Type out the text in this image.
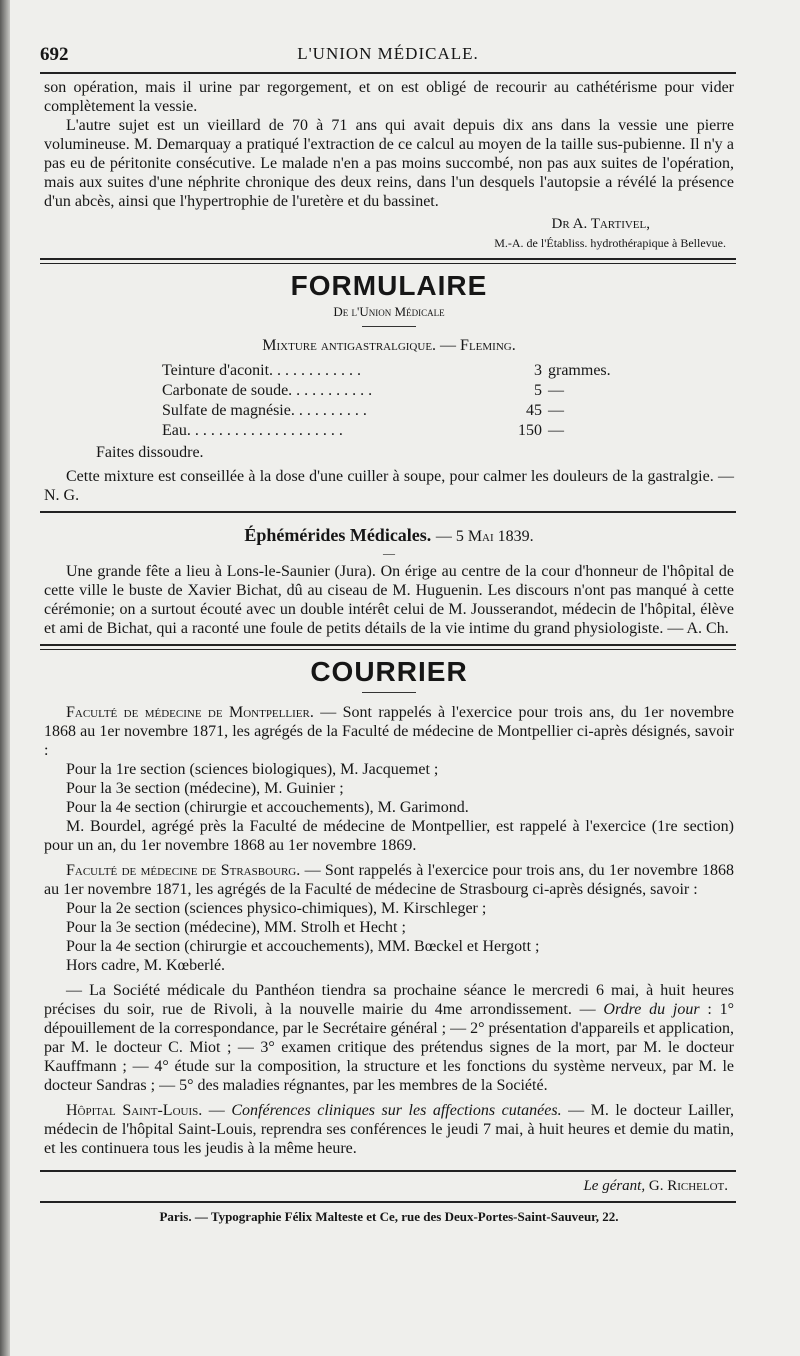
692	L'UNION MÉDICALE.

son opération, mais il urine par regorgement, et on est obligé de recourir au cathétérisme pour vider complètement la vessie.

L'autre sujet est un vieillard de 70 à 71 ans qui avait depuis dix ans dans la vessie une pierre volumineuse. M. Demarquay a pratiqué l'extraction de ce calcul au moyen de la taille sus-pubienne. Il n'y a pas eu de péritonite consécutive. Le malade n'en a pas moins succombé, non pas aux suites de l'opération, mais aux suites d'une néphrite chronique des deux reins, dans l'un desquels l'autopsie a révélé la présence d'un abcès, ainsi que l'hypertrophie de l'uretère et du bassinet.

Dr A. Tartivel,
M.-A. de l'Établiss. hydrothérapique à Bellevue.
FORMULAIRE
De l'Union Médicale
Mixture antigastralgique. — Fleming.
Teinture d'aconit. . . . . . . . . . . .	3 grammes.
Carbonate de soude. . . . . . . . . . .	5 —
Sulfate de magnésie. . . . . . . . . .	45 —
Eau. . . . . . . . . . . . . . . . . . . .	150 —
Faites dissoudre.

Cette mixture est conseillée à la dose d'une cuiller à soupe, pour calmer les douleurs de la gastralgie. — N. G.

Éphémérides Médicales. — 5 Mai 1839.
—

Une grande fête a lieu à Lons-le-Saunier (Jura). On érige au centre de la cour d'honneur de l'hôpital de cette ville le buste de Xavier Bichat, dû au ciseau de M. Huguenin. Les discours n'ont pas manqué à cette cérémonie; on a surtout écouté avec un double intérêt celui de M. Jousserandot, médecin de l'hôpital, élève et ami de Bichat, qui a raconté une foule de petits détails de la vie intime du grand physiologiste. — A. Ch.

COURRIER

Faculté de médecine de Montpellier. — Sont rappelés à l'exercice pour trois ans, du 1er novembre 1868 au 1er novembre 1871, les agrégés de la Faculté de médecine de Montpellier ci-après désignés, savoir :

Pour la 1re section (sciences biologiques), M. Jacquemet ;

Pour la 3e section (médecine), M. Guinier ;

Pour la 4e section (chirurgie et accouchements), M. Garimond.

M. Bourdel, agrégé près la Faculté de médecine de Montpellier, est rappelé à l'exercice (1re section) pour un an, du 1er novembre 1868 au 1er novembre 1869.

Faculté de médecine de Strasbourg. — Sont rappelés à l'exercice pour trois ans, du 1er novembre 1868 au 1er novembre 1871, les agrégés de la Faculté de médecine de Strasbourg ci-après désignés, savoir :

Pour la 2e section (sciences physico-chimiques), M. Kirschleger ;

Pour la 3e section (médecine), MM. Strolh et Hecht ;

Pour la 4e section (chirurgie et accouchements), MM. Bœckel et Hergott ;

Hors cadre, M. Kœberlé.

— La Société médicale du Panthéon tiendra sa prochaine séance le mercredi 6 mai, à huit heures précises du soir, rue de Rivoli, à la nouvelle mairie du 4me arrondissement. — Ordre du jour : 1° dépouillement de la correspondance, par le Secrétaire général ; — 2° présentation d'appareils et application, par M. le docteur C. Miot ; — 3° examen critique des prétendus signes de la mort, par M. le docteur Kauffmann ; — 4° étude sur la composition, la structure et les fonctions du système nerveux, par M. le docteur Sandras ; — 5° des maladies régnantes, par les membres de la Société.

Hôpital Saint-Louis. — Conférences cliniques sur les affections cutanées. — M. le docteur Lailler, médecin de l'hôpital Saint-Louis, reprendra ses conférences le jeudi 7 mai, à huit heures et demie du matin, et les continuera tous les jeudis à la même heure.

Le gérant, G. Richelot.
Paris. — Typographie Félix Malteste et Ce, rue des Deux-Portes-Saint-Sauveur, 22.
